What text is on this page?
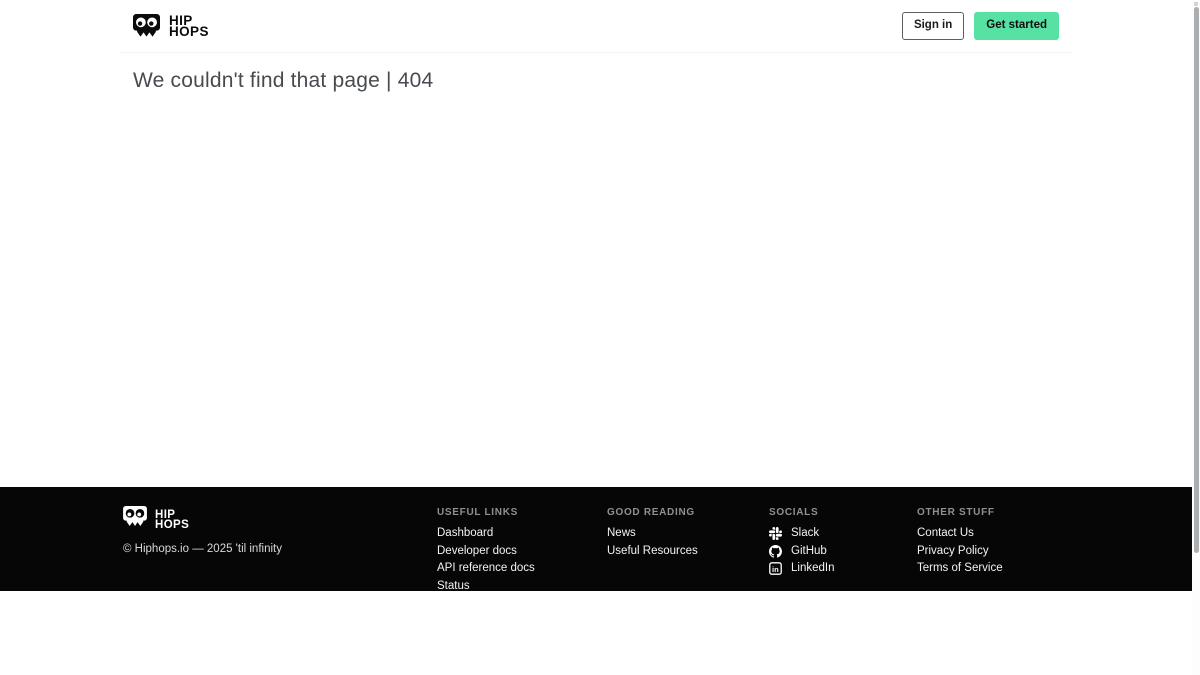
HIP
HOPS	Sign in	Get started
We couldn't find that page | 404
HIP
HOPS
© Hiphops.io — 2025 'til infinity
USEFUL LINKS
Dashboard
Developer docs
API reference docs
Status
GOOD READING
News
Useful Resources
SOCIALS
Slack
GitHub
in LinkedIn
OTHER STUFF
Contact Us
Privacy Policy
Terms of Service
